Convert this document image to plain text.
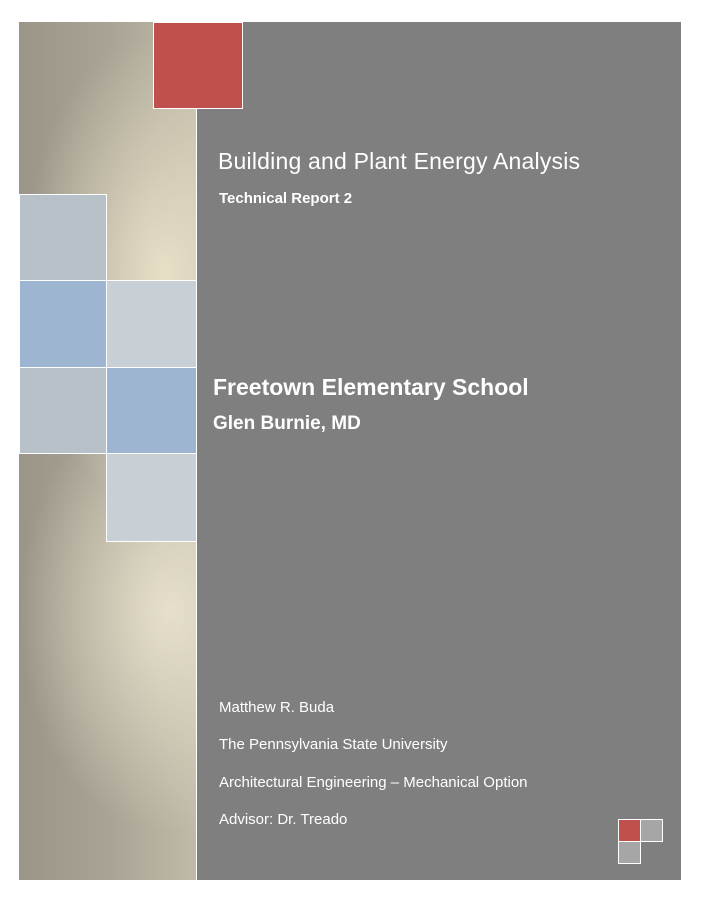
Building and Plant Energy Analysis
Technical Report 2
Freetown Elementary School
Glen Burnie, MD
Matthew R. Buda
The Pennsylvania State University
Architectural Engineering – Mechanical Option
Advisor: Dr. Treado
